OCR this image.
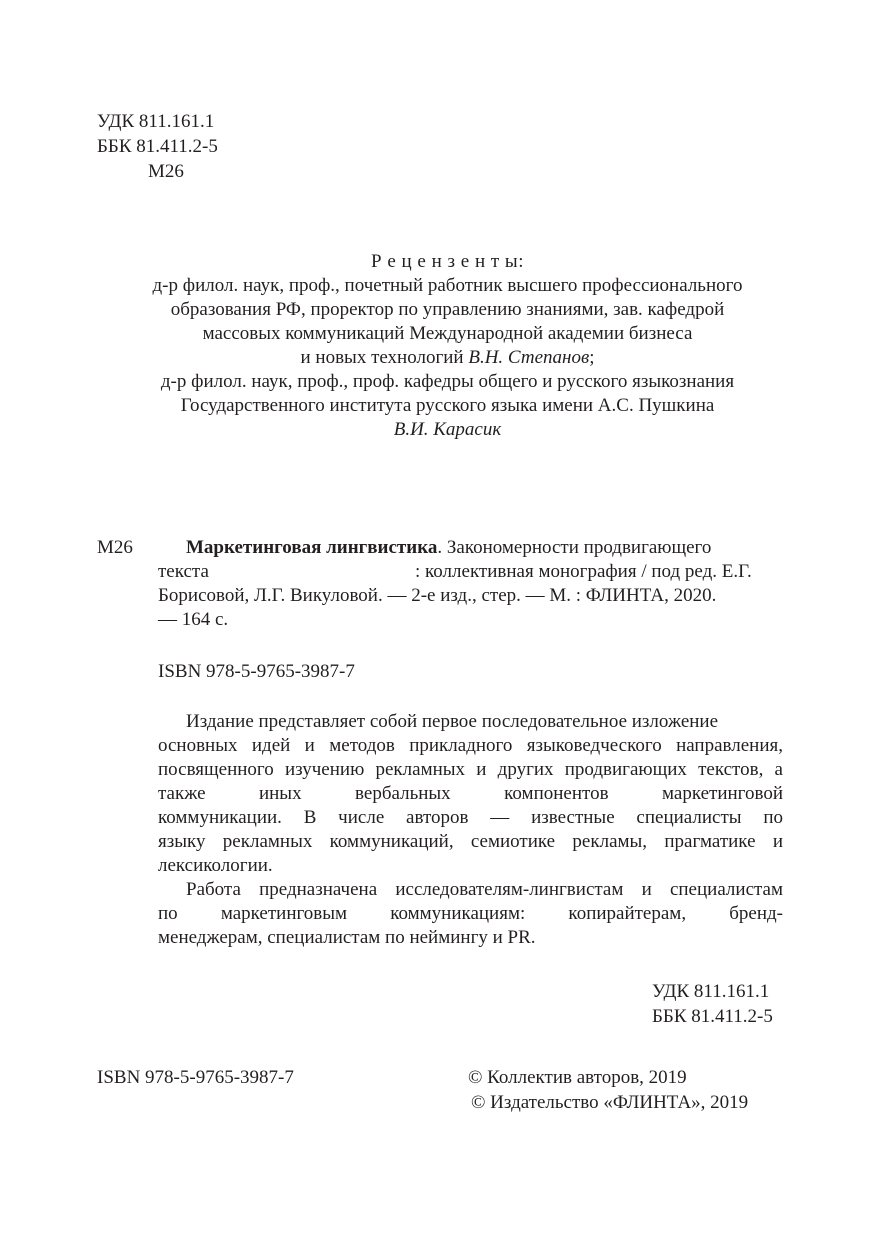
УДК 811.161.1
ББК 81.411.2-5
М26
Р е ц е н з е н т ы:
д-р филол. наук, проф., почетный работник высшего профессионального
образования РФ, проректор по управлению знаниями, зав. кафедрой
массовых коммуникаций Международной академии бизнеса
и новых технологий В.Н. Степанов;
д-р филол. наук, проф., проф. кафедры общего и русского языкознания
Государственного института русского языка имени А.С. Пушкина
В.И. Карасик
М26	Маркетинговая лингвистика. Закономерности продвигающего
текста	: коллективная монография / под ред. Е.Г.
Борисовой, Л.Г. Викуловой. — 2-е изд., стер. — М. : ФЛИНТА, 2020.
— 164 с.
ISBN 978-5-9765-3987-7
Издание представляет собой первое последовательное изложение
основных идей и методов прикладного языковедческого направления,
посвященного изучению рекламных и других продвигающих текстов, а
также иных вербальных компонентов маркетинговой
коммуникации. В числе авторов — известные специалисты по
языку рекламных коммуникаций, семиотике рекламы, прагматике и
лексикологии.
Работа предназначена исследователям-лингвистам и специалистам
по маркетинговым коммуникациям: копирайтерам, бренд-
менеджерам, специалистам по неймингу и PR.
УДК 811.161.1
ББК 81.411.2-5
ISBN 978-5-9765-3987-7	© Коллектив авторов, 2019
© Издательство «ФЛИНТА», 2019
